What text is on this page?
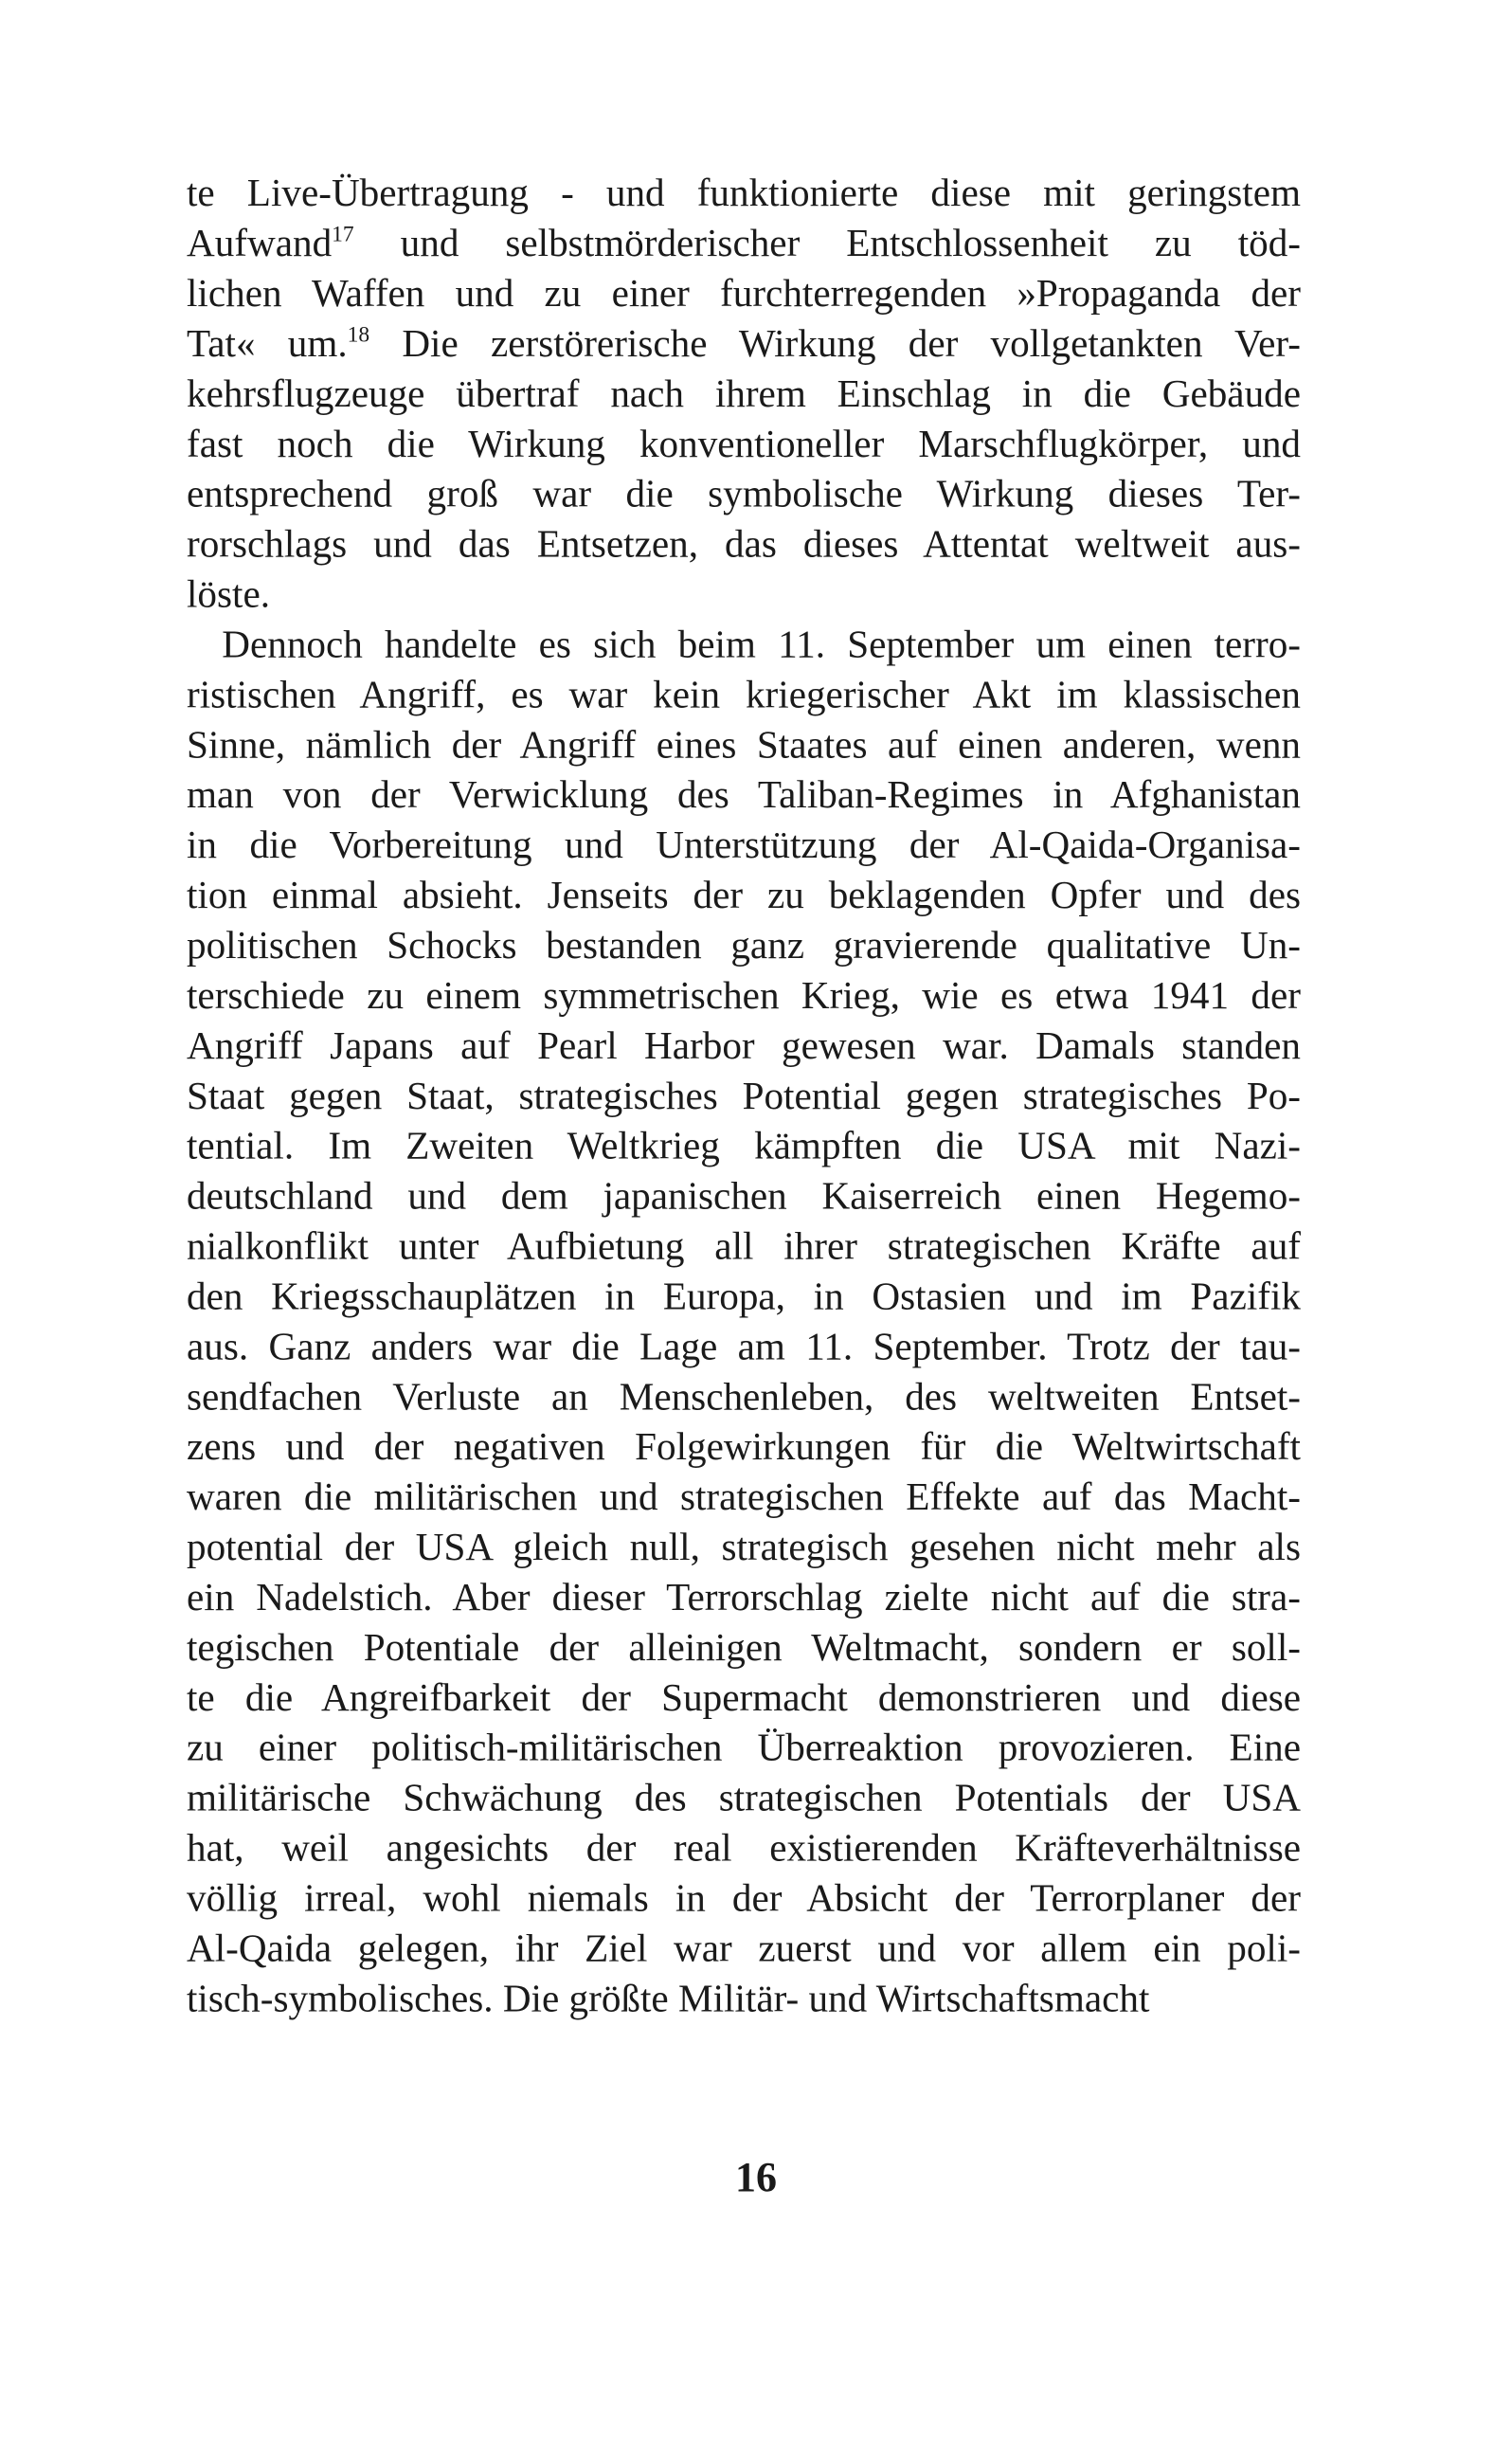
te Live-Übertragung - und funktionierte diese mit geringstem
Aufwand$^{17}$ und selbstmörderischer Entschlossenheit zu töd-
lichen Waffen und zu einer furchterregenden »Propaganda der
Tat« um.$^{18}$ Die zerstörerische Wirkung der vollgetankten Ver-
kehrsflugzeuge übertraf nach ihrem Einschlag in die Gebäude
fast noch die Wirkung konventioneller Marschflugkörper, und
entsprechend groß war die symbolische Wirkung dieses Ter-
rorschlags und das Entsetzen, das dieses Attentat weltweit aus-
löste.
Dennoch handelte es sich beim 11. September um einen terro-
ristischen Angriff, es war kein kriegerischer Akt im klassischen
Sinne, nämlich der Angriff eines Staates auf einen anderen, wenn
man von der Verwicklung des Taliban-Regimes in Afghanistan
in die Vorbereitung und Unterstützung der Al-Qaida-Organisa-
tion einmal absieht. Jenseits der zu beklagenden Opfer und des
politischen Schocks bestanden ganz gravierende qualitative Un-
terschiede zu einem symmetrischen Krieg, wie es etwa 1941 der
Angriff Japans auf Pearl Harbor gewesen war. Damals standen
Staat gegen Staat, strategisches Potential gegen strategisches Po-
tential. Im Zweiten Weltkrieg kämpften die USA mit Nazi-
deutschland und dem japanischen Kaiserreich einen Hegemo-
nialkonflikt unter Aufbietung all ihrer strategischen Kräfte auf
den Kriegsschauplätzen in Europa, in Ostasien und im Pazifik
aus. Ganz anders war die Lage am 11. September. Trotz der tau-
sendfachen Verluste an Menschenleben, des weltweiten Entset-
zens und der negativen Folgewirkungen für die Weltwirtschaft
waren die militärischen und strategischen Effekte auf das Macht-
potential der USA gleich null, strategisch gesehen nicht mehr als
ein Nadelstich. Aber dieser Terrorschlag zielte nicht auf die stra-
tegischen Potentiale der alleinigen Weltmacht, sondern er soll-
te die Angreifbarkeit der Supermacht demonstrieren und diese
zu einer politisch-militärischen Überreaktion provozieren. Eine
militärische Schwächung des strategischen Potentials der USA
hat, weil angesichts der real existierenden Kräfteverhältnisse
völlig irreal, wohl niemals in der Absicht der Terrorplaner der
Al-Qaida gelegen, ihr Ziel war zuerst und vor allem ein poli-
tisch-symbolisches. Die größte Militär- und Wirtschaftsmacht
16
